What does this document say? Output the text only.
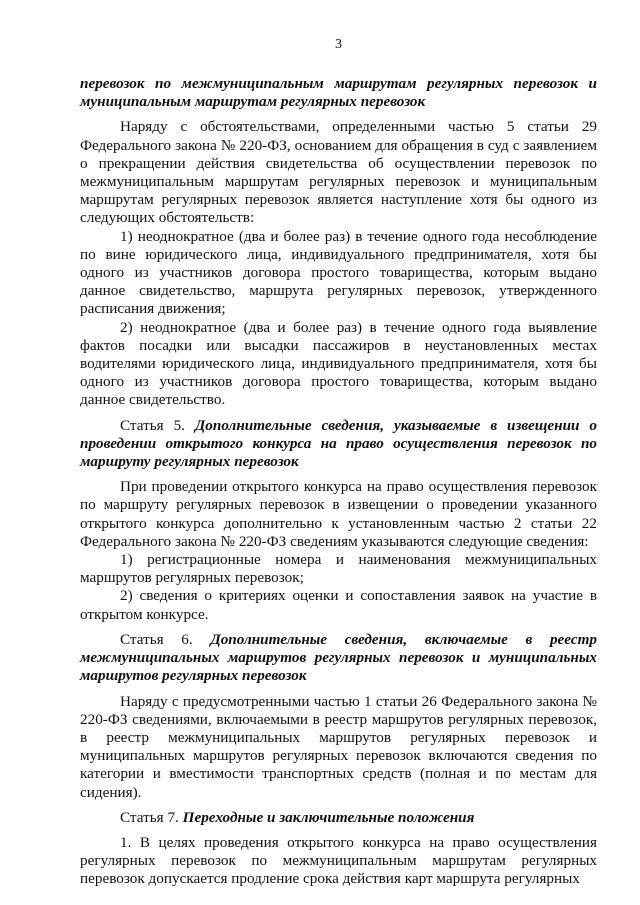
3

перевозок по межмуниципальным маршрутам регулярных перевозок и муниципальным маршрутам регулярных перевозок

Наряду с обстоятельствами, определенными частью 5 статьи 29 Федерального закона № 220-ФЗ, основанием для обращения в суд с заявлением о прекращении действия свидетельства об осуществлении перевозок по межмуниципальным маршрутам регулярных перевозок и муниципальным маршрутам регулярных перевозок является наступление хотя бы одного из следующих обстоятельств:

1) неоднократное (два и более раз) в течение одного года несоблюдение по вине юридического лица, индивидуального предпринимателя, хотя бы одного из участников договора простого товарищества, которым выдано данное свидетельство, маршрута регулярных перевозок, утвержденного расписания движения;

2) неоднократное (два и более раз) в течение одного года выявление фактов посадки или высадки пассажиров в неустановленных местах водителями юридического лица, индивидуального предпринимателя, хотя бы одного из участников договора простого товарищества, которым выдано данное свидетельство.

Статья 5. Дополнительные сведения, указываемые в извещении о проведении открытого конкурса на право осуществления перевозок по маршруту регулярных перевозок

При проведении открытого конкурса на право осуществления перевозок по маршруту регулярных перевозок в извещении о проведении указанного открытого конкурса дополнительно к установленным частью 2 статьи 22 Федерального закона № 220-ФЗ сведениям указываются следующие сведения:

1) регистрационные номера и наименования межмуниципальных маршрутов регулярных перевозок;

2) сведения о критериях оценки и сопоставления заявок на участие в открытом конкурсе.

Статья 6. Дополнительные сведения, включаемые в реестр межмуниципальных маршрутов регулярных перевозок и муниципальных маршрутов регулярных перевозок

Наряду с предусмотренными частью 1 статьи 26 Федерального закона № 220-ФЗ сведениями, включаемыми в реестр маршрутов регулярных перевозок, в реестр межмуниципальных маршрутов регулярных перевозок и муниципальных маршрутов регулярных перевозок включаются сведения по категории и вместимости транспортных средств (полная и по местам для сидения).

Статья 7. Переходные и заключительные положения

1. В целях проведения открытого конкурса на право осуществления регулярных перевозок по межмуниципальным маршрутам регулярных перевозок допускается продление срока действия карт маршрута регулярных
